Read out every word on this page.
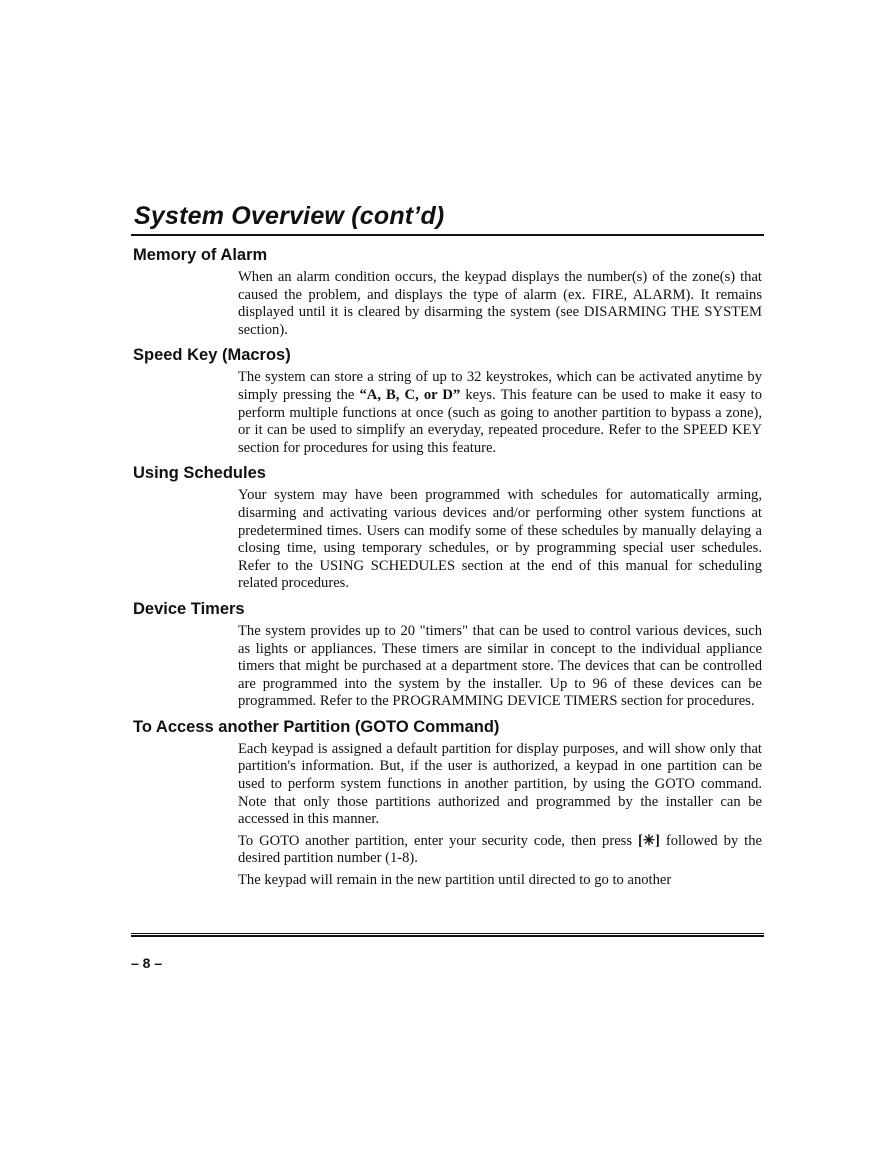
System Overview (cont’d)
Memory of Alarm

When an alarm condition occurs, the keypad displays the number(s) of the zone(s) that caused the problem, and displays the type of alarm (ex. FIRE, ALARM). It remains displayed until it is cleared by disarming the system (see DISARMING THE SYSTEM section).

Speed Key (Macros)

The system can store a string of up to 32 keystrokes, which can be activated anytime by simply pressing the “A, B, C, or D” keys. This feature can be used to make it easy to perform multiple functions at once (such as going to another partition to bypass a zone), or it can be used to simplify an everyday, repeated procedure. Refer to the SPEED KEY section for procedures for using this feature.

Using Schedules

Your system may have been programmed with schedules for automatically arming, disarming and activating various devices and/or performing other system functions at predetermined times. Users can modify some of these schedules by manually delaying a closing time, using temporary schedules, or by programming special user schedules. Refer to the USING SCHEDULES section at the end of this manual for scheduling related procedures.

Device Timers

The system provides up to 20 "timers" that can be used to control various devices, such as lights or appliances. These timers are similar in concept to the individual appliance timers that might be purchased at a department store. The devices that can be controlled are programmed into the system by the installer. Up to 96 of these devices can be programmed. Refer to the PROGRAMMING DEVICE TIMERS section for procedures.

To Access another Partition (GOTO Command)

Each keypad is assigned a default partition for display purposes, and will show only that partition's information. But, if the user is authorized, a keypad in one partition can be used to perform system functions in another partition, by using the GOTO command. Note that only those partitions authorized and programmed by the installer can be accessed in this manner.

To GOTO another partition, enter your security code, then press [✳] followed by the desired partition number (1-8).

The keypad will remain in the new partition until directed to go to another

– 8 –
